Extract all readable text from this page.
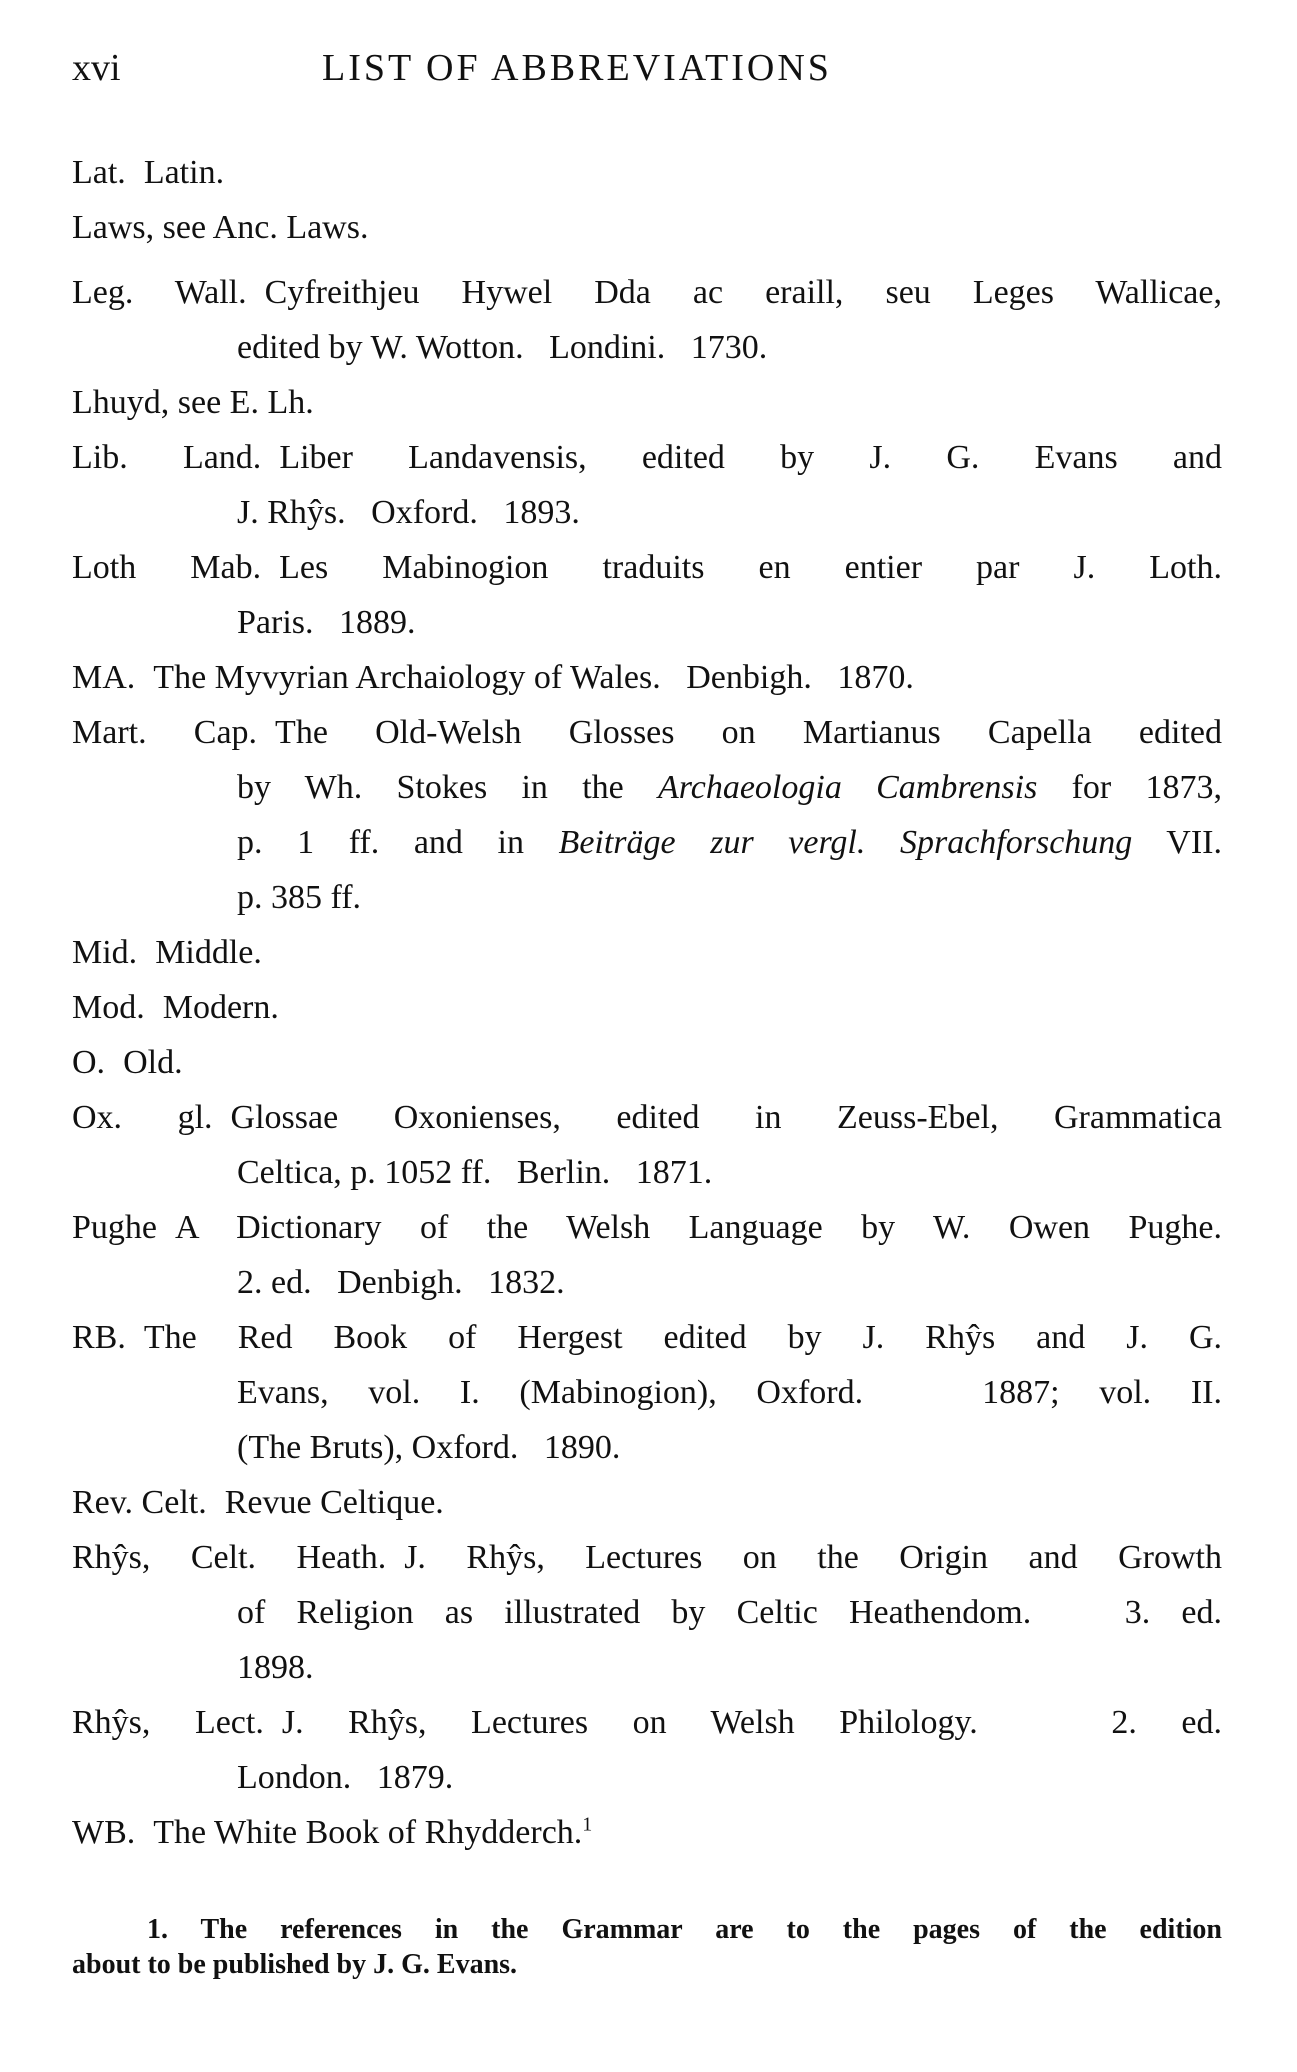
xvi	LIST OF ABBREVIATIONS
Lat. Latin.
Laws, see Anc. Laws.
Leg. Wall. Cyfreithjeu Hywel Dda ac eraill, seu Leges Wallicae,
edited by W. Wotton.   Londini.   1730.
Lhuyd, see E. Lh.
Lib. Land. Liber Landavensis, edited by J. G. Evans and
J. Rhŷs.   Oxford.   1893.
Loth Mab. Les Mabinogion traduits en entier par J. Loth.
Paris.   1889.
MA. The Myvyrian Archaiology of Wales.   Denbigh.   1870.
Mart. Cap. The Old-Welsh Glosses on Martianus Capella edited
by Wh. Stokes in the Archaeologia Cambrensis for 1873,
p. 1 ff. and in Beiträge zur vergl. Sprachforschung VII.
p. 385 ff.
Mid. Middle.
Mod. Modern.
O. Old.
Ox. gl. Glossae Oxonienses, edited in Zeuss-Ebel, Grammatica
Celtica, p. 1052 ff.   Berlin.   1871.
Pughe A Dictionary of the Welsh Language by W. Owen Pughe.
2. ed.   Denbigh.   1832.
RB. The Red Book of Hergest edited by J. Rhŷs and J. G.
Evans, vol. I. (Mabinogion), Oxford.   1887; vol. II.
(The Bruts), Oxford.   1890.
Rev. Celt. Revue Celtique.
Rhŷs, Celt. Heath. J. Rhŷs, Lectures on the Origin and Growth
of Religion as illustrated by Celtic Heathendom.   3. ed.
1898.
Rhŷs, Lect. J. Rhŷs, Lectures on Welsh Philology.   2. ed.
London.   1879.
WB. The White Book of Rhydderch.$^1$
1. The references in the Grammar are to the pages of the edition
about to be published by J. G. Evans.
